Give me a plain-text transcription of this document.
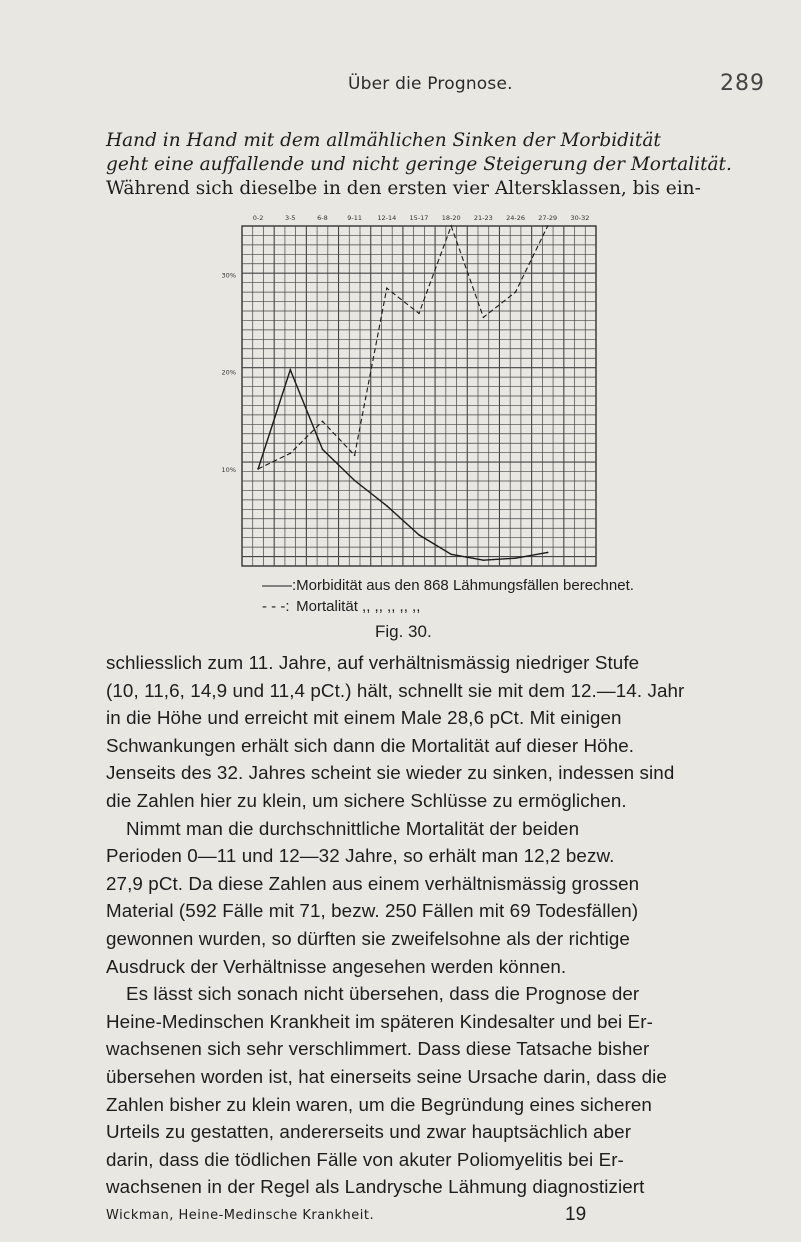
Über die Prognose.	289
Hand in Hand mit dem allmählichen Sinken der Morbidität
geht eine auffallende und nicht geringe Steigerung der Mortalität.
Während sich dieselbe in den ersten vier Altersklassen, bis ein-
0-2	3-5	6-8	9-11 12-14 15-17 18-20 21-23 24-26 27-29 30-32
10%
20%
30%
——: Morbidität aus den 868 Lähmungsfällen berechnet.
- - -: Mortalität ,, ,, ,, ,, ,,
Fig. 30.
schliesslich zum 11. Jahre, auf verhältnismässig niedriger Stufe
(10, 11,6, 14,9 und 11,4 pCt.) hält, schnellt sie mit dem 12.—14. Jahr
in die Höhe und erreicht mit einem Male 28,6 pCt. Mit einigen
Schwankungen erhält sich dann die Mortalität auf dieser Höhe.
Jenseits des 32. Jahres scheint sie wieder zu sinken, indessen sind
die Zahlen hier zu klein, um sichere Schlüsse zu ermöglichen.
Nimmt man die durchschnittliche Mortalität der beiden
Perioden 0—11 und 12—32 Jahre, so erhält man 12,2 bezw.
27,9 pCt. Da diese Zahlen aus einem verhältnismässig grossen
Material (592 Fälle mit 71, bezw. 250 Fällen mit 69 Todesfällen)
gewonnen wurden, so dürften sie zweifelsohne als der richtige
Ausdruck der Verhältnisse angesehen werden können.
Es lässt sich sonach nicht übersehen, dass die Prognose der
Heine-Medinschen Krankheit im späteren Kindesalter und bei Er-
wachsenen sich sehr verschlimmert. Dass diese Tatsache bisher
übersehen worden ist, hat einerseits seine Ursache darin, dass die
Zahlen bisher zu klein waren, um die Begründung eines sicheren
Urteils zu gestatten, andererseits und zwar hauptsächlich aber
darin, dass die tödlichen Fälle von akuter Poliomyelitis bei Er-
wachsenen in der Regel als Landrysche Lähmung diagnostiziert
Wickman, Heine-Medinsche Krankheit.	19
